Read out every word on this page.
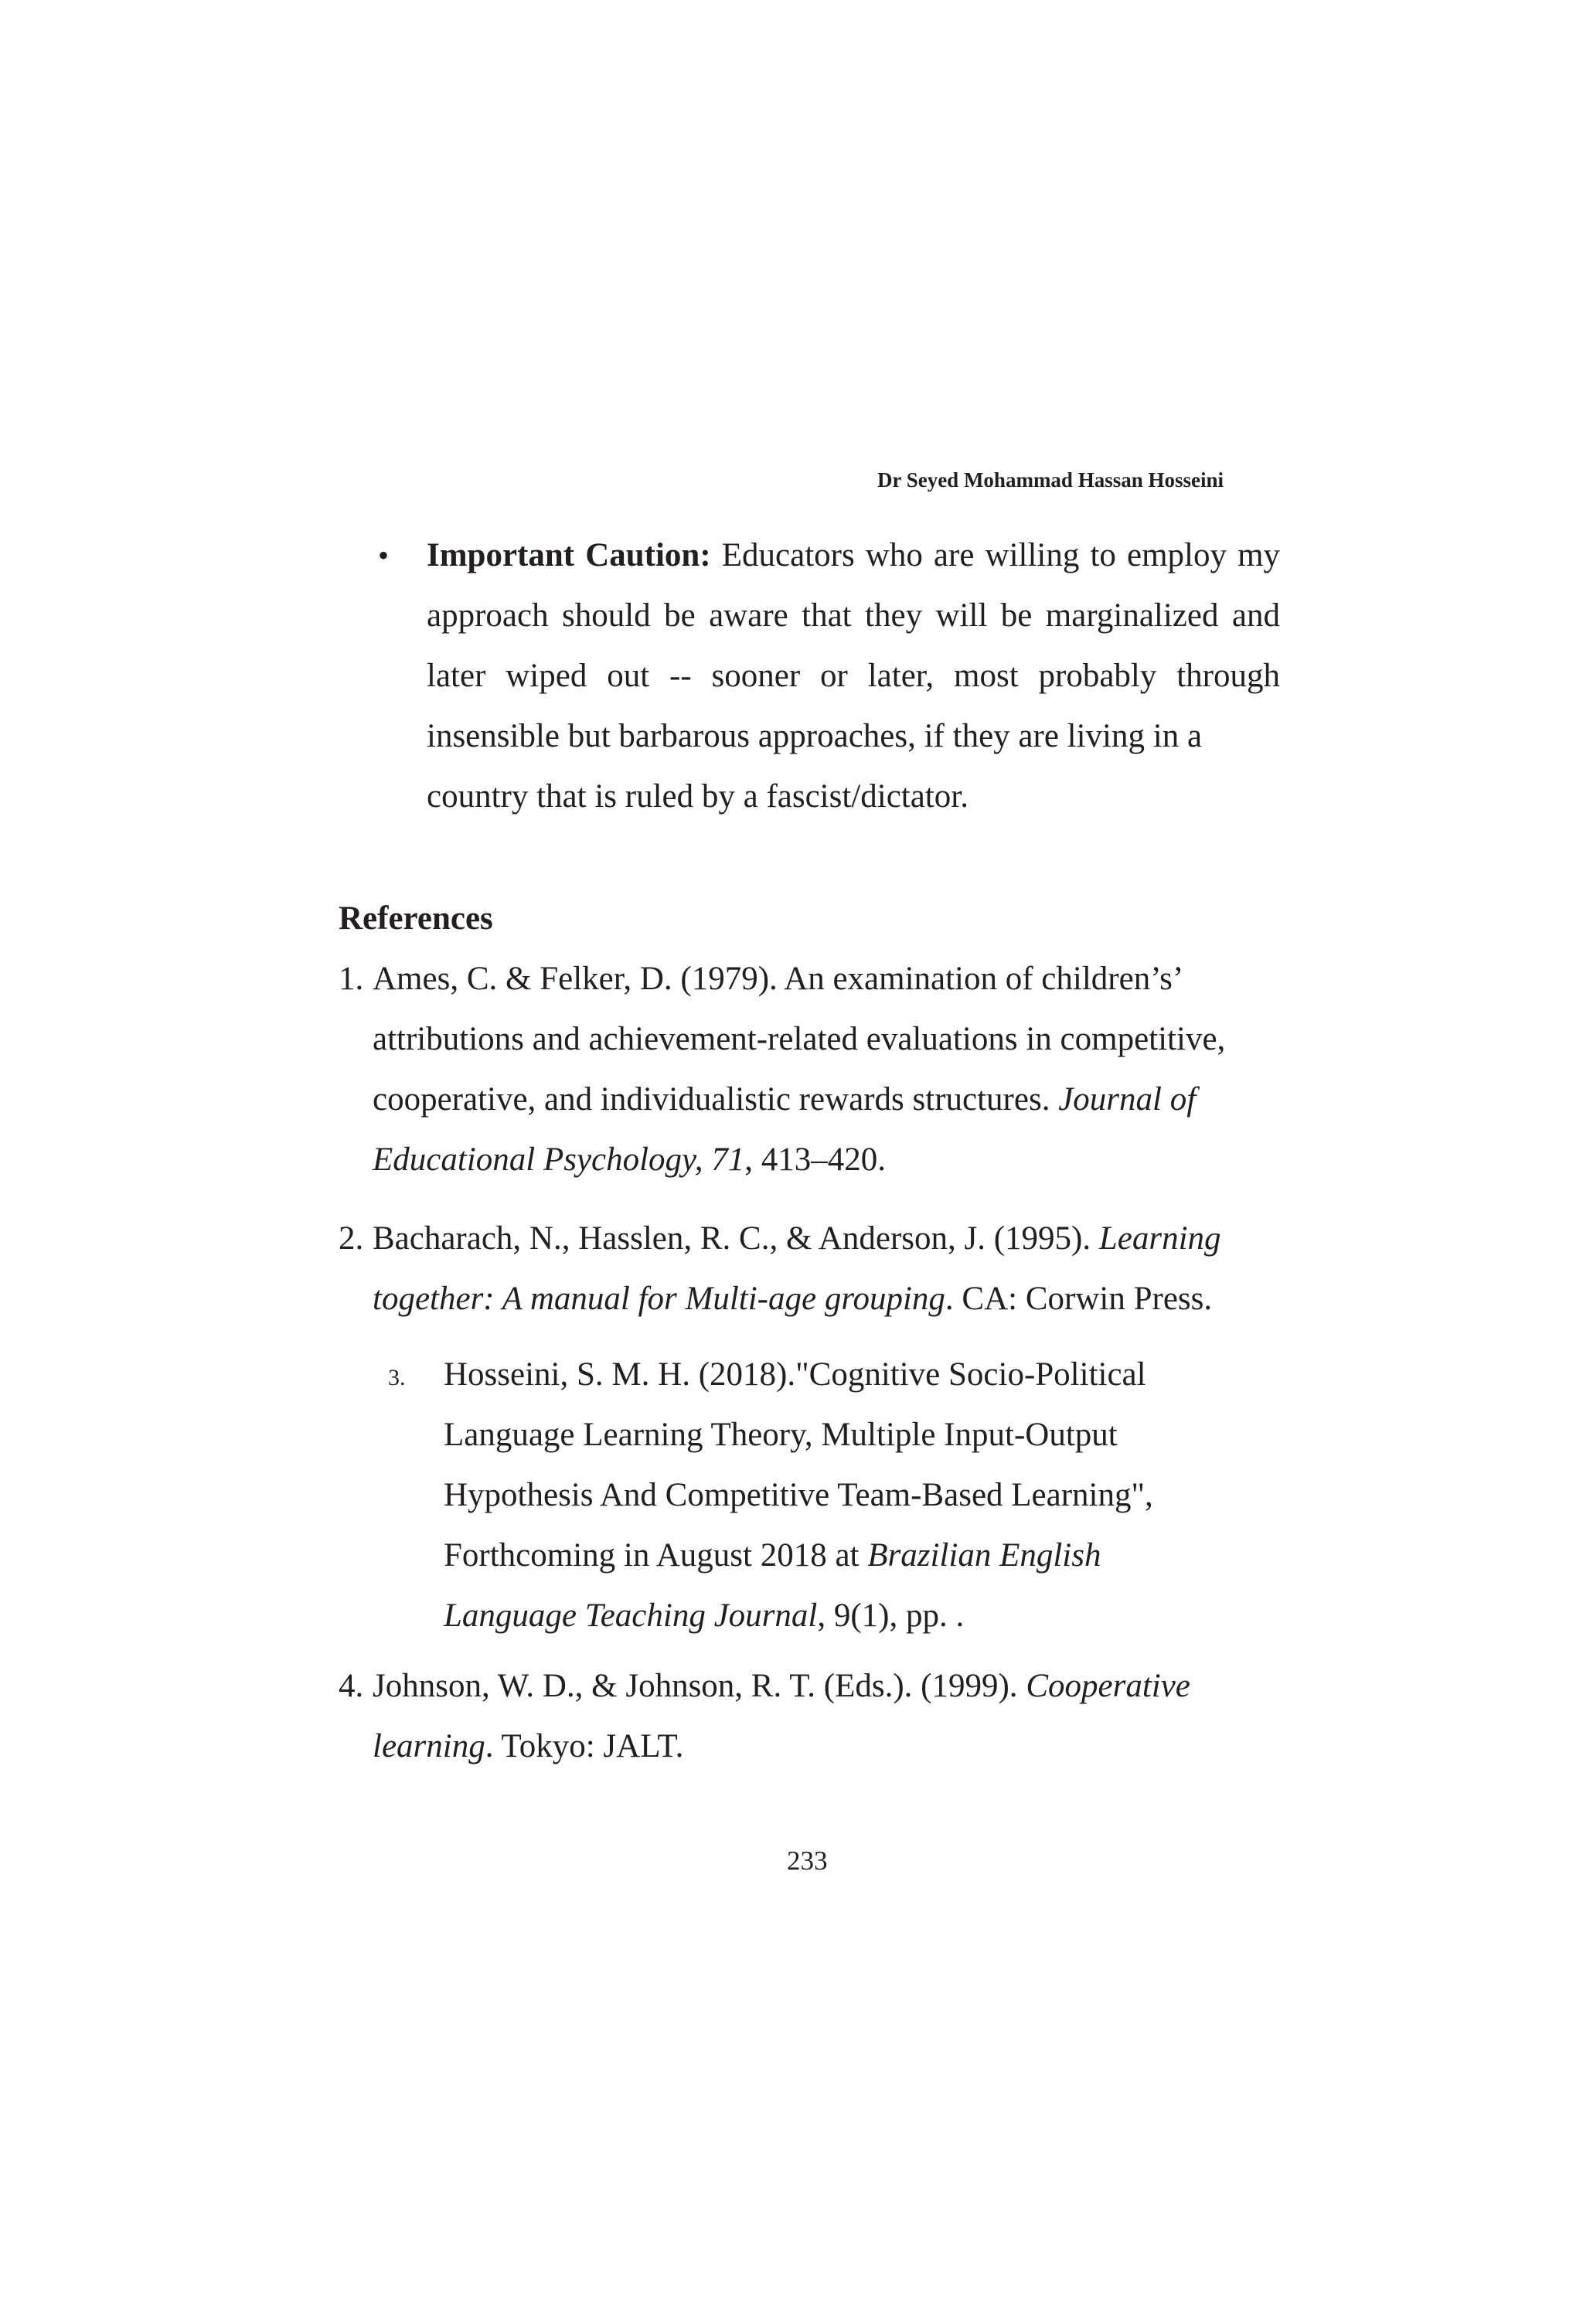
Dr Seyed Mohammad Hassan Hosseini
• Important Caution: Educators who are willing to employ my approach should be aware that they will be marginalized and later wiped out -- sooner or later, most probably through insensible but barbarous approaches, if they are living in a
country that is ruled by a fascist/dictator.
References
1. Ames, C. & Felker, D. (1979). An examination of children’s’
attributions and achievement-related evaluations in competitive,
cooperative, and individualistic rewards structures. Journal of
Educational Psychology, 71, 413–420.
2. Bacharach, N., Hasslen, R. C., & Anderson, J. (1995). Learning
together: A manual for Multi-age grouping. CA: Corwin Press.
3. Hosseini, S. M. H. (2018)."Cognitive Socio-Political
Language Learning Theory, Multiple Input-Output
Hypothesis And Competitive Team-Based Learning",
Forthcoming in August 2018 at Brazilian English
Language Teaching Journal, 9(1), pp. .
4. Johnson, W. D., & Johnson, R. T. (Eds.). (1999). Cooperative
learning. Tokyo: JALT.
233
